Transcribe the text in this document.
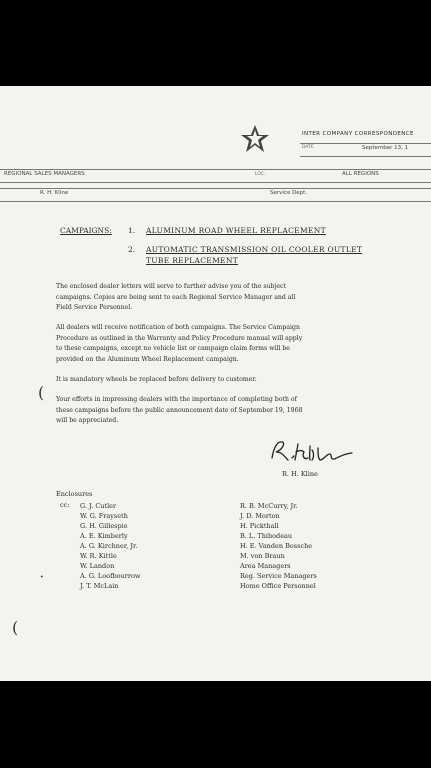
INTER COMPANY CORRESPONDENCE
DATE	September 13, 1
REGIONAL SALES MANAGERS	LOC.	ALL REGIONS
R. H. Kline	Service Dept.
CAMPAIGNS: 1. ALUMINUM ROAD WHEEL REPLACEMENT
2. AUTOMATIC TRANSMISSION OIL COOLER OUTLET
TUBE REPLACEMENT

The enclosed dealer letters will serve to further advise you of the subject

campaigns. Copies are being sent to each Regional Service Manager and all

Field Service Personnel.

All dealers will receive notification of both campaigns. The Service Campaign

Procedure as outlined in the Warranty and Policy Procedure manual will apply

to these campaigns, except no vehicle list or campaign claim forms will be

provided on the Aluminum Wheel Replacement campaign.

It is mandatory wheels be replaced before delivery to customer.

Your efforts in impressing dealers with the importance of completing both of

these campaigns before the public announcement date of September 19, 1968

will be appreciated.

R. H. Kline
Enclosures
cc: G. J. Cutler
W. G. Frayseth
G. H. Gillespie
A. E. Kimberly
A. G. Kirchner, Jr.
W. R. Kittle
W. Landon
A. G. Loofbourrow
J. T. McLain
R. B. McCurry, Jr.
J. D. Morton
H. Pickthall
B. L. Thibodeau
H. E. Vanden Bossche
M. von Braun
Area Managers
Reg. Service Managers
Home Office Personnel
(
•
(
